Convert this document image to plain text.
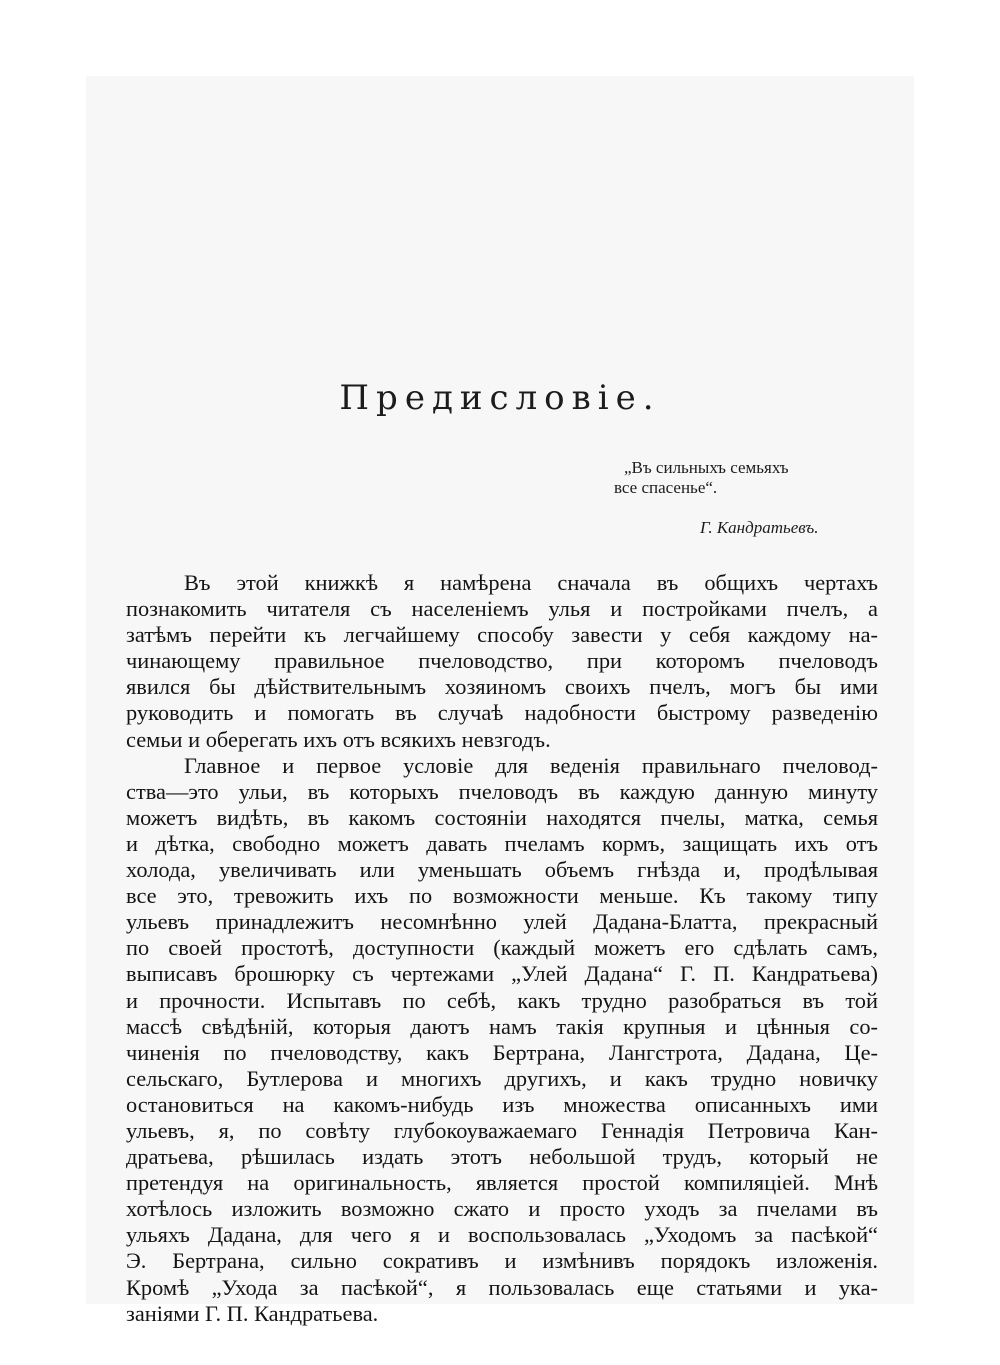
Предисловіе.
„Въ сильныхъ семьяхъ
все спасенье“.
Г. Кандратьевъ.
Въ этой книжкѣ я намѣрена сначала въ общихъ чертахъ
познакомить читателя съ населеніемъ улья и постройками пчелъ, а
затѣмъ перейти къ легчайшему способу завести у себя каждому на-
чинающему правильное пчеловодство, при которомъ пчеловодъ
явился бы дѣйствительнымъ хозяиномъ своихъ пчелъ, могъ бы ими
руководить и помогать въ случаѣ надобности быстрому разведенію
семьи и оберегать ихъ отъ всякихъ невзгодъ.
Главное и первое условіе для веденія правильнаго пчеловод-
ства—это ульи, въ которыхъ пчеловодъ въ каждую данную минуту
можетъ видѣть, въ какомъ состояніи находятся пчелы, матка, семья
и дѣтка, свободно можетъ давать пчеламъ кормъ, защищать ихъ отъ
холода, увеличивать или уменьшать объемъ гнѣзда и, продѣлывая
все это, тревожить ихъ по возможности меньше. Къ такому типу
ульевъ принадлежитъ несомнѣнно улей Дадана-Блатта, прекрасный
по своей простотѣ, доступности (каждый можетъ его сдѣлать самъ,
выписавъ брошюрку съ чертежами „Улей Дадана“ Г. П. Кандратьева)
и прочности. Испытавъ по себѣ, какъ трудно разобраться въ той
массѣ свѣдѣній, которыя даютъ намъ такія крупныя и цѣнныя со-
чиненія по пчеловодству, какъ Бертрана, Лангстрота, Дадана, Це-
сельскаго, Бутлерова и многихъ другихъ, и какъ трудно новичку
остановиться на какомъ-нибудь изъ множества описанныхъ ими
ульевъ, я, по совѣту глубокоуважаемаго Геннадія Петровича Кан-
дратьева, рѣшилась издать этотъ небольшой трудъ, который не
претендуя на оригинальность, является простой компиляціей. Мнѣ
хотѣлось изложить возможно сжато и просто уходъ за пчелами въ
ульяхъ Дадана, для чего я и воспользовалась „Уходомъ за пасѣкой“
Э. Бертрана, сильно сокративъ и измѣнивъ порядокъ изложенія.
Кромѣ „Ухода за пасѣкой“, я пользовалась еще статьями и ука-
заніями Г. П. Кандратьева.
